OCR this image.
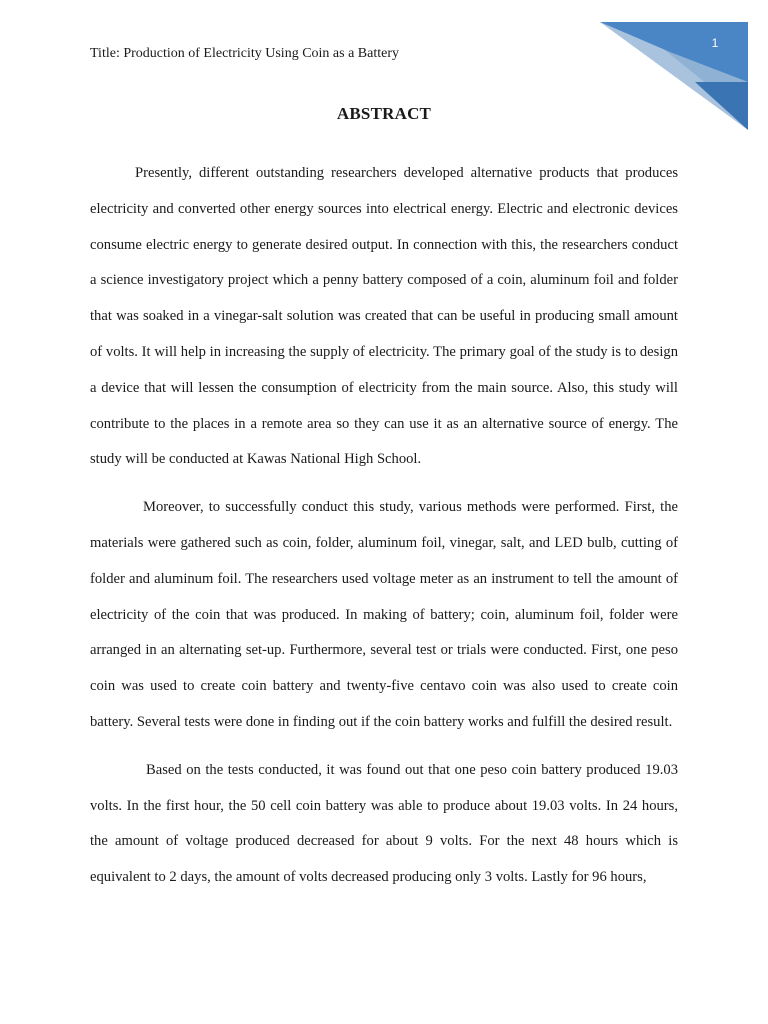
1
Title: Production of Electricity Using Coin as a Battery
ABSTRACT

Presently, different outstanding researchers developed alternative products that produces electricity and converted other energy sources into electrical energy. Electric and electronic devices consume electric energy to generate desired output. In connection with this, the researchers conduct a science investigatory project which a penny battery composed of a coin, aluminum foil and folder that was soaked in a vinegar-salt solution was created that can be useful in producing small amount of volts. It will help in increasing the supply of electricity. The primary goal of the study is to design a device that will lessen the consumption of electricity from the main source. Also, this study will contribute to the places in a remote area so they can use it as an alternative source of energy. The study will be conducted at Kawas National High School.

Moreover, to successfully conduct this study, various methods were performed. First, the materials were gathered such as coin, folder, aluminum foil, vinegar, salt, and LED bulb, cutting of folder and aluminum foil. The researchers used voltage meter as an instrument to tell the amount of electricity of the coin that was produced. In making of battery; coin, aluminum foil, folder were arranged in an alternating set-up. Furthermore, several test or trials were conducted. First, one peso coin was used to create coin battery and twenty-five centavo coin was also used to create coin battery. Several tests were done in finding out if the coin battery works and fulfill the desired result.

Based on the tests conducted, it was found out that one peso coin battery produced 19.03 volts. In the first hour, the 50 cell coin battery was able to produce about 19.03 volts. In 24 hours, the amount of voltage produced decreased for about 9 volts. For the next 48 hours which is equivalent to 2 days, the amount of volts decreased producing only 3 volts. Lastly for 96 hours,
